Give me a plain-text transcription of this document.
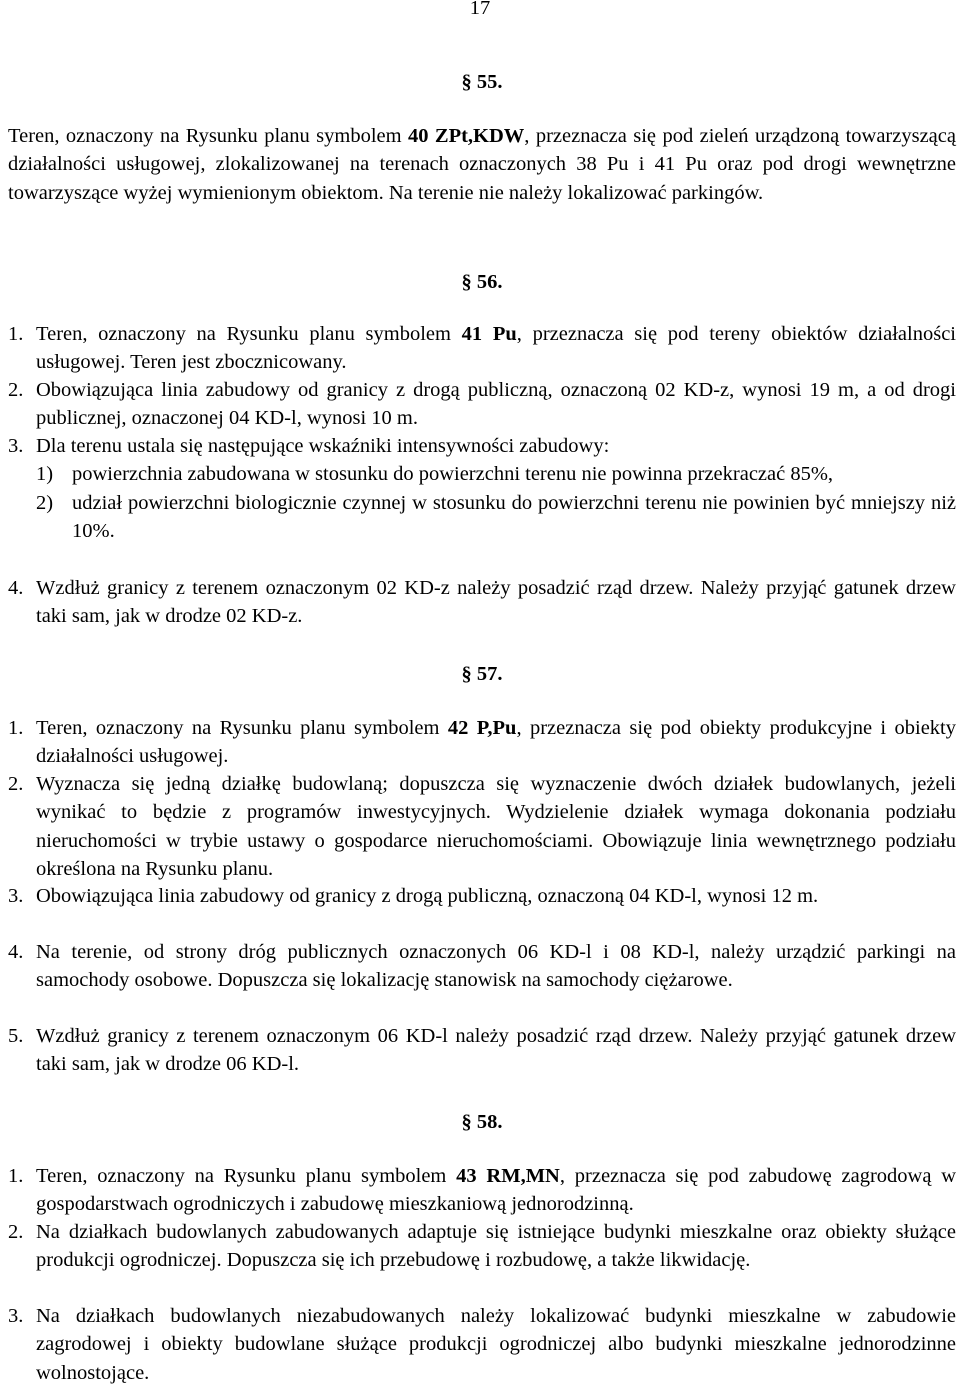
17
§ 55.
Teren, oznaczony na Rysunku planu symbolem 40 ZPt,KDW, przeznacza się pod zieleń urządzoną towarzyszącą działalności usługowej, zlokalizowanej na terenach oznaczonych 38 Pu i 41 Pu oraz pod drogi wewnętrzne towarzyszące wyżej wymienionym obiektom. Na terenie nie należy lokalizować parkingów.
§ 56.
1. Teren, oznaczony na Rysunku planu symbolem 41 Pu, przeznacza się pod tereny obiektów działalności usługowej. Teren jest zbocznicowany.
2. Obowiązująca linia zabudowy od granicy z drogą publiczną, oznaczoną 02 KD-z, wynosi 19 m, a od drogi publicznej, oznaczonej 04 KD-l, wynosi 10 m.
3. Dla terenu ustala się następujące wskaźniki intensywności zabudowy:
1) powierzchnia zabudowana w stosunku do powierzchni terenu nie powinna przekraczać 85%,
2) udział powierzchni biologicznie czynnej w stosunku do powierzchni terenu nie powinien być mniejszy niż 10%.
4. Wzdłuż granicy z terenem oznaczonym 02 KD-z należy posadzić rząd drzew. Należy przyjąć gatunek drzew taki sam, jak w drodze 02 KD-z.
§ 57.
1. Teren, oznaczony na Rysunku planu symbolem 42 P,Pu, przeznacza się pod obiekty produkcyjne i obiekty działalności usługowej.
2. Wyznacza się jedną działkę budowlaną; dopuszcza się wyznaczenie dwóch działek budowlanych, jeżeli wynikać to będzie z programów inwestycyjnych. Wydzielenie działek wymaga dokonania podziału nieruchomości w trybie ustawy o gospodarce nieruchomościami. Obowiązuje linia wewnętrznego podziału określona na Rysunku planu.
3. Obowiązująca linia zabudowy od granicy z drogą publiczną, oznaczoną 04 KD-l, wynosi 12 m.
4. Na terenie, od strony dróg publicznych oznaczonych 06 KD-l i 08 KD-l, należy urządzić parkingi na samochody osobowe. Dopuszcza się lokalizację stanowisk na samochody ciężarowe.
5. Wzdłuż granicy z terenem oznaczonym 06 KD-l należy posadzić rząd drzew. Należy przyjąć gatunek drzew taki sam, jak w drodze 06 KD-l.
§ 58.
1. Teren, oznaczony na Rysunku planu symbolem 43 RM,MN, przeznacza się pod zabudowę zagrodową w gospodarstwach ogrodniczych i zabudowę mieszkaniową jednorodzinną.
2. Na działkach budowlanych zabudowanych adaptuje się istniejące budynki mieszkalne oraz obiekty służące produkcji ogrodniczej. Dopuszcza się ich przebudowę i rozbudowę, a także likwidację.
3. Na działkach budowlanych niezabudowanych należy lokalizować budynki mieszkalne w zabudowie zagrodowej i obiekty budowlane służące produkcji ogrodniczej albo budynki mieszkalne jednorodzinne wolnostojące.
